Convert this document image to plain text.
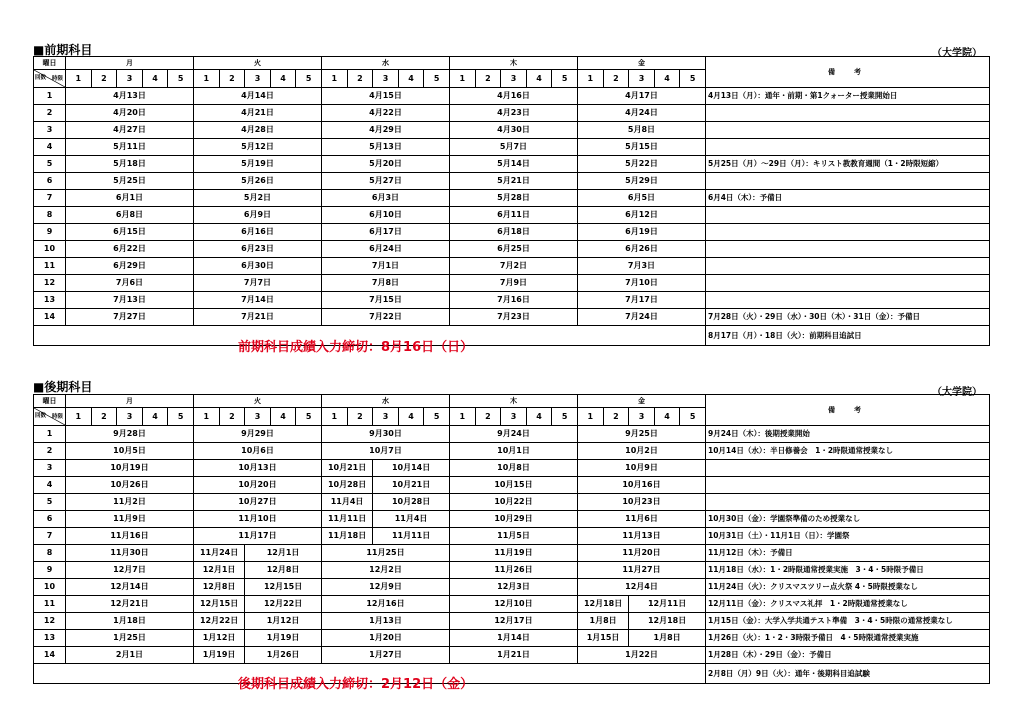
■前期科目	（大学院）
曜日	月					火					水					木					金					備　考

時限
回数	1	2	3	4	5	1	2	3	4	5	1	2	3	4	5	1	2	3	4	5	1	2	3	4	5	
1	4月13日					4月14日					4月15日					4月16日					4月17日					4月13日（月）：通年・前期・第1クォーター授業開始日
2	4月20日					4月21日					4月22日					4月23日					4月24日					
3	4月27日					4月28日					4月29日					4月30日					5月8日					
4	5月11日					5月12日					5月13日					5月7日					5月15日					
5	5月18日					5月19日					5月20日					5月14日					5月22日					5月25日（月）～29日（月）：キリスト教教育週間（1・2時限短縮）
6	5月25日					5月26日					5月27日					5月21日					5月29日					
7	6月1日					5月2日					6月3日					5月28日					6月5日					6月4日（木）：予備日
8	6月8日					6月9日					6月10日					6月11日					6月12日					
9	6月15日					6月16日					6月17日					6月18日					6月19日					
10	6月22日					6月23日					6月24日					6月25日					6月26日					
11	6月29日					6月30日					7月1日					7月2日					7月3日					
12	7月6日					7月7日					7月8日					7月9日					7月10日					
13	7月13日					7月14日					7月15日					7月16日					7月17日					
14	7月27日					7月21日					7月22日					7月23日					7月24日					7月28日（火）・29日（水）・30日（木）・31日（金）：予備日
																										8月17日（月）・18日（火）：前期科目追試日
前期科目成績入力締切：8月16日（日）
■後期科目	（大学院）
曜日	月					火					水					木					金					備　考

時限
回数	1	2	3	4	5	1	2	3	4	5	1	2	3	4	5	1	2	3	4	5	1	2	3	4	5	
1	9月28日					9月29日					9月30日					9月24日					9月25日					9月24日（木）：後期授業開始
2	10月5日					10月6日					10月7日					10月1日					10月2日					10月14日（水）：半日修養会　1・2時限通常授業なし
3	10月19日					10月13日					10月21日		10月14日			10月8日					10月9日					
4	10月26日					10月20日					10月28日		10月21日			10月15日					10月16日					
5	11月2日					10月27日					11月4日		10月28日			10月22日					10月23日					
6	11月9日					11月10日					11月11日		11月4日			10月29日					11月6日					10月30日（金）：学園祭準備のため授業なし
7	11月16日					11月17日					11月18日		11月11日			11月5日					11月13日					10月31日（土）・11月1日（日）：学園祭
8	11月30日					11月24日		12月1日			11月25日					11月19日					11月20日					11月12日（木）：予備日
9	12月7日					12月1日		12月8日			12月2日					11月26日					11月27日					11月18日（水）：1・2時限通常授業実施　3・4・5時限予備日
10	12月14日					12月8日		12月15日			12月9日					12月3日					12月4日					11月24日（火）：クリスマスツリー点火祭 4・5時限授業なし
11	12月21日					12月15日		12月22日			12月16日					12月10日					12月18日		12月11日			12月11日（金）：クリスマス礼拝　1・2時限通常授業なし
12	1月18日					12月22日		1月12日			1月13日					12月17日					1月8日		12月18日			1月15日（金）：大学入学共通テスト準備　3・4・5時限の通常授業なし
13	1月25日					1月12日		1月19日			1月20日					1月14日					1月15日		1月8日			1月26日（火）：1・2・3時限予備日　4・5時限通常授業実施
14	2月1日					1月19日		1月26日			1月27日					1月21日					1月22日					1月28日（木）・29日（金）：予備日
																										2月8日（月）9日（火）：通年・後期科目追試験
後期科目成績入力締切：2月12日（金）
